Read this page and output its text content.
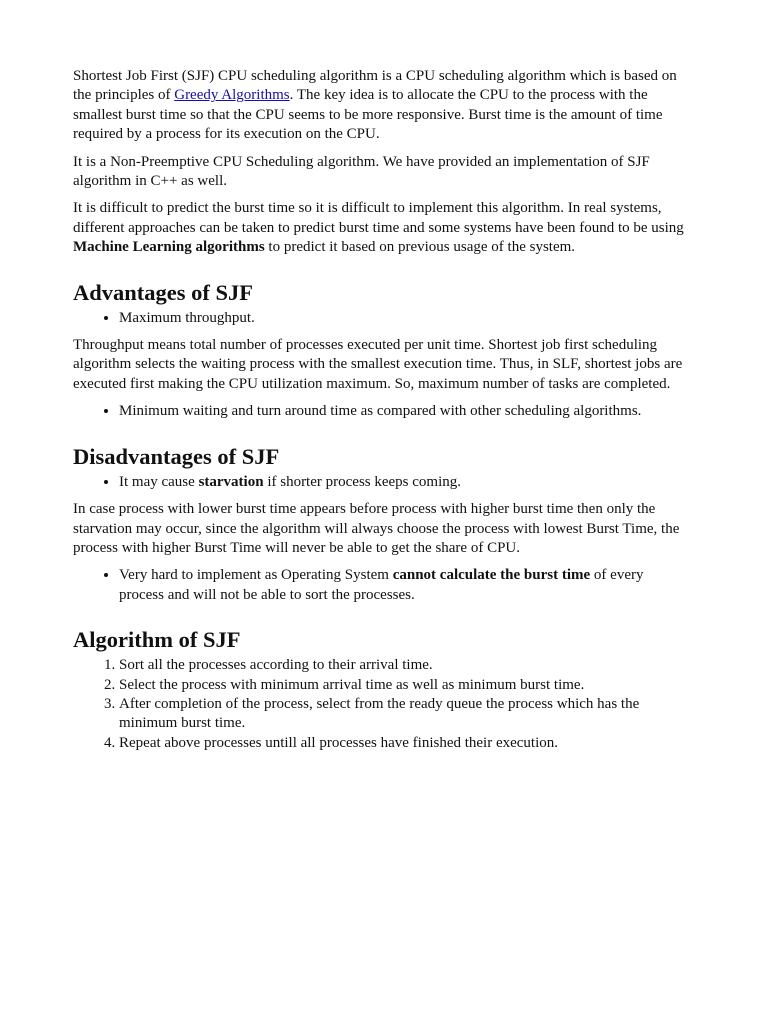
Shortest Job First (SJF) CPU scheduling algorithm is a CPU scheduling algorithm which is based on the principles of Greedy Algorithms. The key idea is to allocate the CPU to the process with the smallest burst time so that the CPU seems to be more responsive. Burst time is the amount of time required by a process for its execution on the CPU.

It is a Non-Preemptive CPU Scheduling algorithm. We have provided an implementation of SJF algorithm in C++ as well.

It is difficult to predict the burst time so it is difficult to implement this algorithm. In real systems, different approaches can be taken to predict burst time and some systems have been found to be using Machine Learning algorithms to predict it based on previous usage of the system.

Advantages of SJF
• Maximum throughput.

Throughput means total number of processes executed per unit time. Shortest job first scheduling algorithm selects the waiting process with the smallest execution time. Thus, in SLF, shortest jobs are executed first making the CPU utilization maximum. So, maximum number of tasks are completed.

• Minimum waiting and turn around time as compared with other scheduling algorithms.
Disadvantages of SJF
• It may cause starvation if shorter process keeps coming.

In case process with lower burst time appears before process with higher burst time then only the starvation may occur, since the algorithm will always choose the process with lowest Burst Time, the process with higher Burst Time will never be able to get the share of CPU.

• Very hard to implement as Operating System cannot calculate the burst time of every process and will not be able to sort the processes.
Algorithm of SJF
1. Sort all the processes according to their arrival time.
2. Select the process with minimum arrival time as well as minimum burst time.
3. After completion of the process, select from the ready queue the process which has the minimum burst time.
4. Repeat above processes untill all processes have finished their execution.
